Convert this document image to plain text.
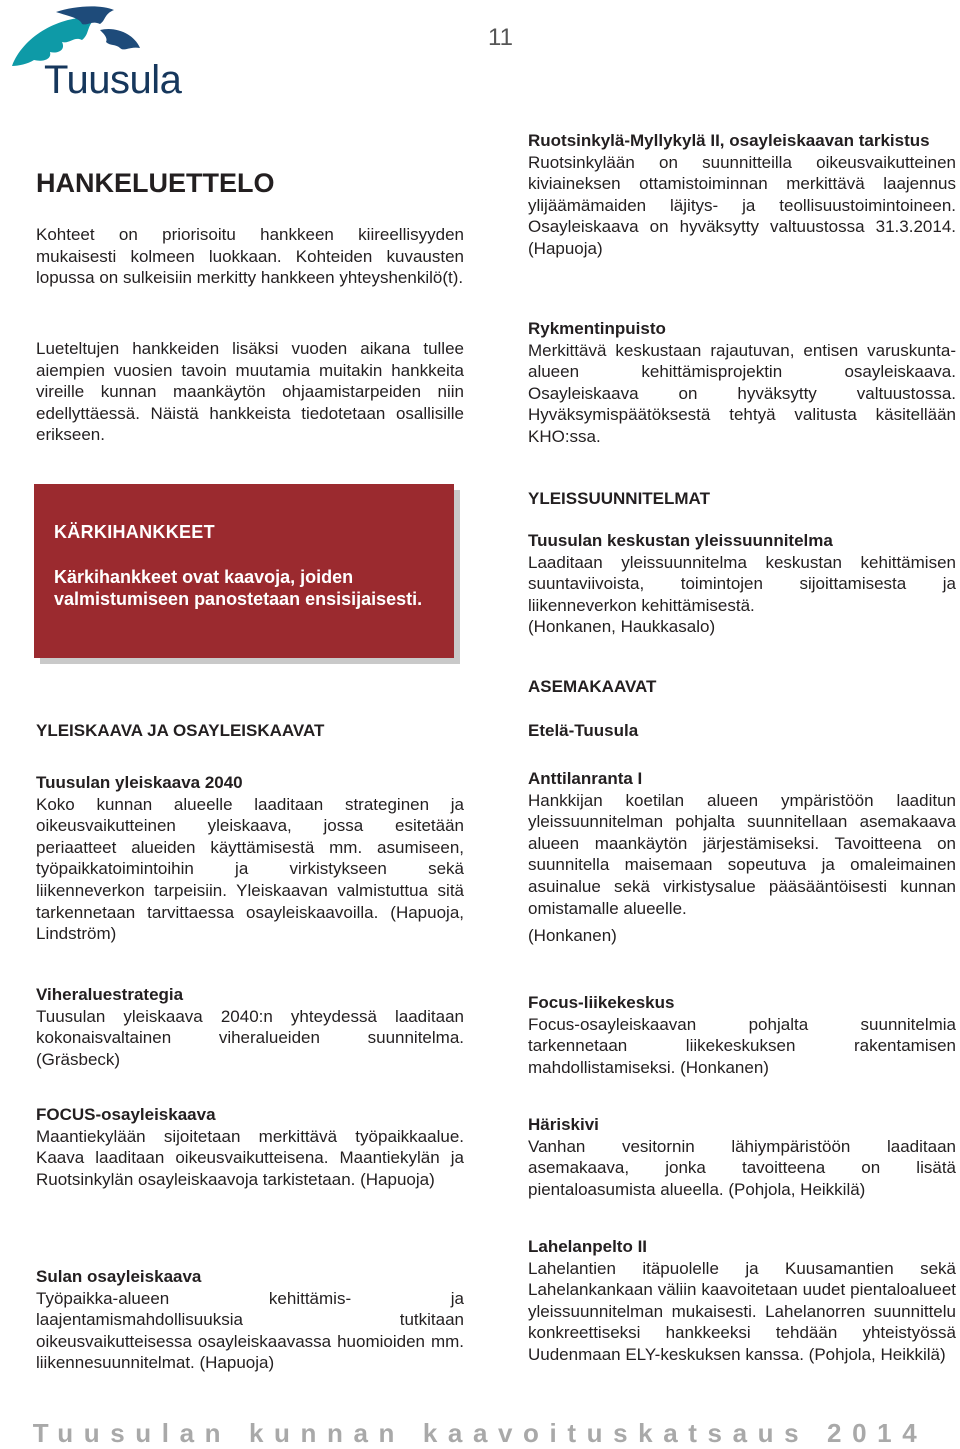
Tuusula
11
HANKELUETTELO

Kohteet on priorisoitu hankkeen kiireellisyyden mukaisesti kolmeen luokkaan. Kohteiden kuvausten lopussa on sulkeisiin merkitty hankkeen yhteyshenkilö(t).

Lueteltujen hankkeiden lisäksi vuoden aikana tullee aiempien vuosien tavoin muutamia muitakin hankkeita vireille kunnan maankäytön ohjaamistarpeiden niin edellyttäessä. Näistä hankkeista tiedotetaan osallisille erikseen.

YLEISKAAVA JA OSAYLEISKAAVAT

Tuusulan yleiskaava 2040

Koko kunnan alueelle laaditaan strateginen ja oikeusvaikutteinen yleiskaava, jossa esitetään periaatteet alueiden käyttämisestä mm. asumiseen, työpaikkatoimintoihin ja virkistykseen sekä liikenneverkon tarpeisiin. Yleiskaavan valmistuttua sitä tarkennetaan tarvittaessa osayleiskaavoilla. (Hapuoja, Lindström)

Viheraluestrategia

Tuusulan yleiskaava 2040:n yhteydessä laaditaan kokonaisvaltainen viheralueiden suunnitelma. (Gräsbeck)

FOCUS-osayleiskaava

Maantiekylään sijoitetaan merkittävä työpaikkaalue. Kaava laaditaan oikeusvaikutteisena. Maantiekylän ja Ruotsinkylän osayleiskaavoja tarkistetaan. (Hapuoja)

Sulan osayleiskaava

Työpaikka-alueen kehittämis- ja laajentamismahdollisuuksia tutkitaan oikeusvaikutteisessa osayleiskaavassa huomioiden mm. liikennesuunnitelmat. (Hapuoja)

KÄRKIHANKKEET

Kärkihankkeet ovat kaavoja, joiden valmistumiseen panostetaan ensisijaisesti.

Ruotsinkylä-Myllykylä II, osayleiskaavan tarkistus

Ruotsinkylään on suunnitteilla oikeusvaikutteinen kiviaineksen ottamistoiminnan merkittävä laajennus ylijäämämaiden läjitys- ja teollisuustoimintoineen. Osayleiskaava on hyväksytty valtuustossa 31.3.2014. (Hapuoja)

Rykmentinpuisto

Merkittävä keskustaan rajautuvan, entisen varuskunta-alueen kehittämisprojektin osayleiskaava. Osayleiskaava on hyväksytty valtuustossa. Hyväksymispäätöksestä tehtyä valitusta käsitellään KHO:ssa.

YLEISSUUNNITELMAT

Tuusulan keskustan yleissuunnitelma

Laaditaan yleissuunnitelma keskustan kehittämisen suuntaviivoista, toimintojen sijoittamisesta ja liikenneverkon kehittämisestä.

(Honkanen, Haukkasalo)

ASEMAKAAVAT

Etelä-Tuusula

Anttilanranta I

Hankkijan koetilan alueen ympäristöön laaditun yleissuunnitelman pohjalta suunnitellaan asemakaava alueen maankäytön järjestämiseksi. Tavoitteena on suunnitella maisemaan sopeutuva ja omaleimainen asuinalue sekä virkistysalue pääsääntöisesti kunnan omistamalle alueelle.

(Honkanen)

Focus-liikekeskus

Focus-osayleiskaavan pohjalta suunnitelmia tarkennetaan liikekeskuksen rakentamisen mahdollistamiseksi. (Honkanen)

Häriskivi

Vanhan vesitornin lähiympäristöön laaditaan asemakaava, jonka tavoitteena on lisätä pientaloasumista alueella. (Pohjola, Heikkilä)

Lahelanpelto II

Lahelantien itäpuolelle ja Kuusamantien sekä Lahelankankaan väliin kaavoitetaan uudet pientaloalueet yleissuunnitelman mukaisesti. Lahelanorren suunnittelu konkreettiseksi hankkeeksi tehdään yhteistyössä Uudenmaan ELY-keskuksen kanssa. (Pohjola, Heikkilä)

Tuusulan kunnan kaavoituskatsaus 2014
